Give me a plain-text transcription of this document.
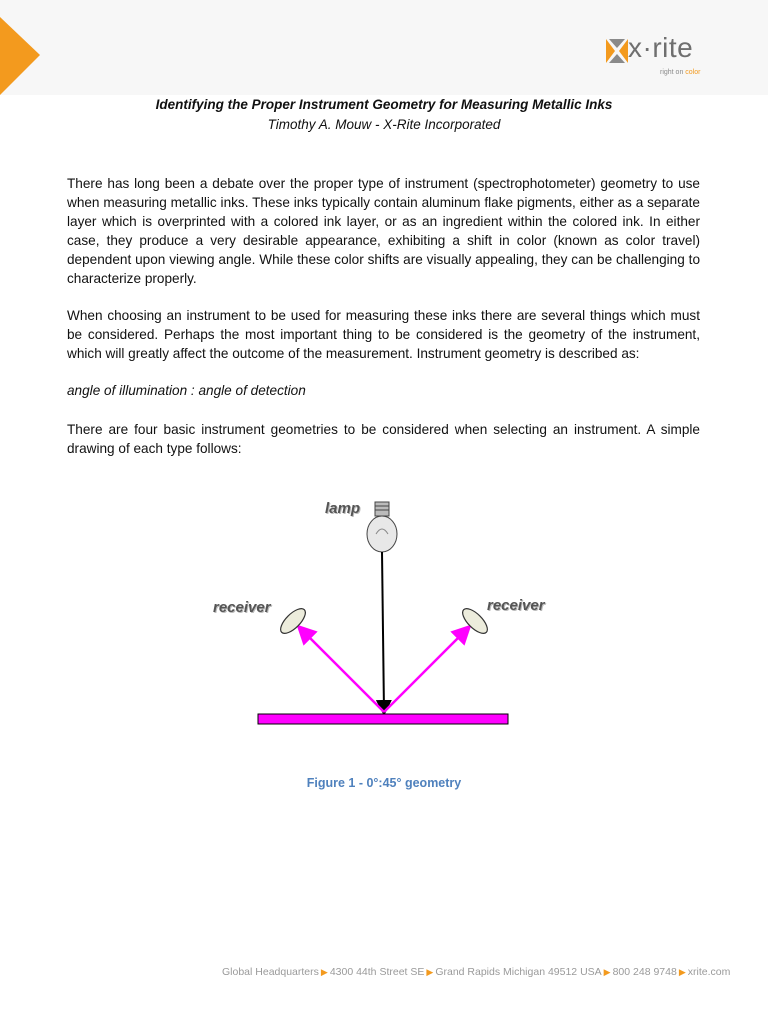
x·rite
right on color
Identifying the Proper Instrument Geometry for Measuring Metallic Inks
Timothy A. Mouw - X-Rite Incorporated

There has long been a debate over the proper type of instrument (spectrophotometer) geometry to use when measuring metallic inks. These inks typically contain aluminum flake pigments, either as a separate layer which is overprinted with a colored ink layer, or as an ingredient within the colored ink. In either case, they produce a very desirable appearance, exhibiting a shift in color (known as color travel) dependent upon viewing angle. While these color shifts are visually appealing, they can be challenging to characterize properly.

When choosing an instrument to be used for measuring these inks there are several things which must be considered. Perhaps the most important thing to be considered is the geometry of the instrument, which will greatly affect the outcome of the measurement. Instrument geometry is described as:

angle of illumination : angle of detection

There are four basic instrument geometries to be considered when selecting an instrument. A simple drawing of each type follows:

lamp
receiver	receiver
Figure 1 - 0°:45° geometry
Global Headquarters ▶ 4300 44th Street SE ▶ Grand Rapids Michigan 49512 USA ▶ 800 248 9748 ▶ xrite.com
